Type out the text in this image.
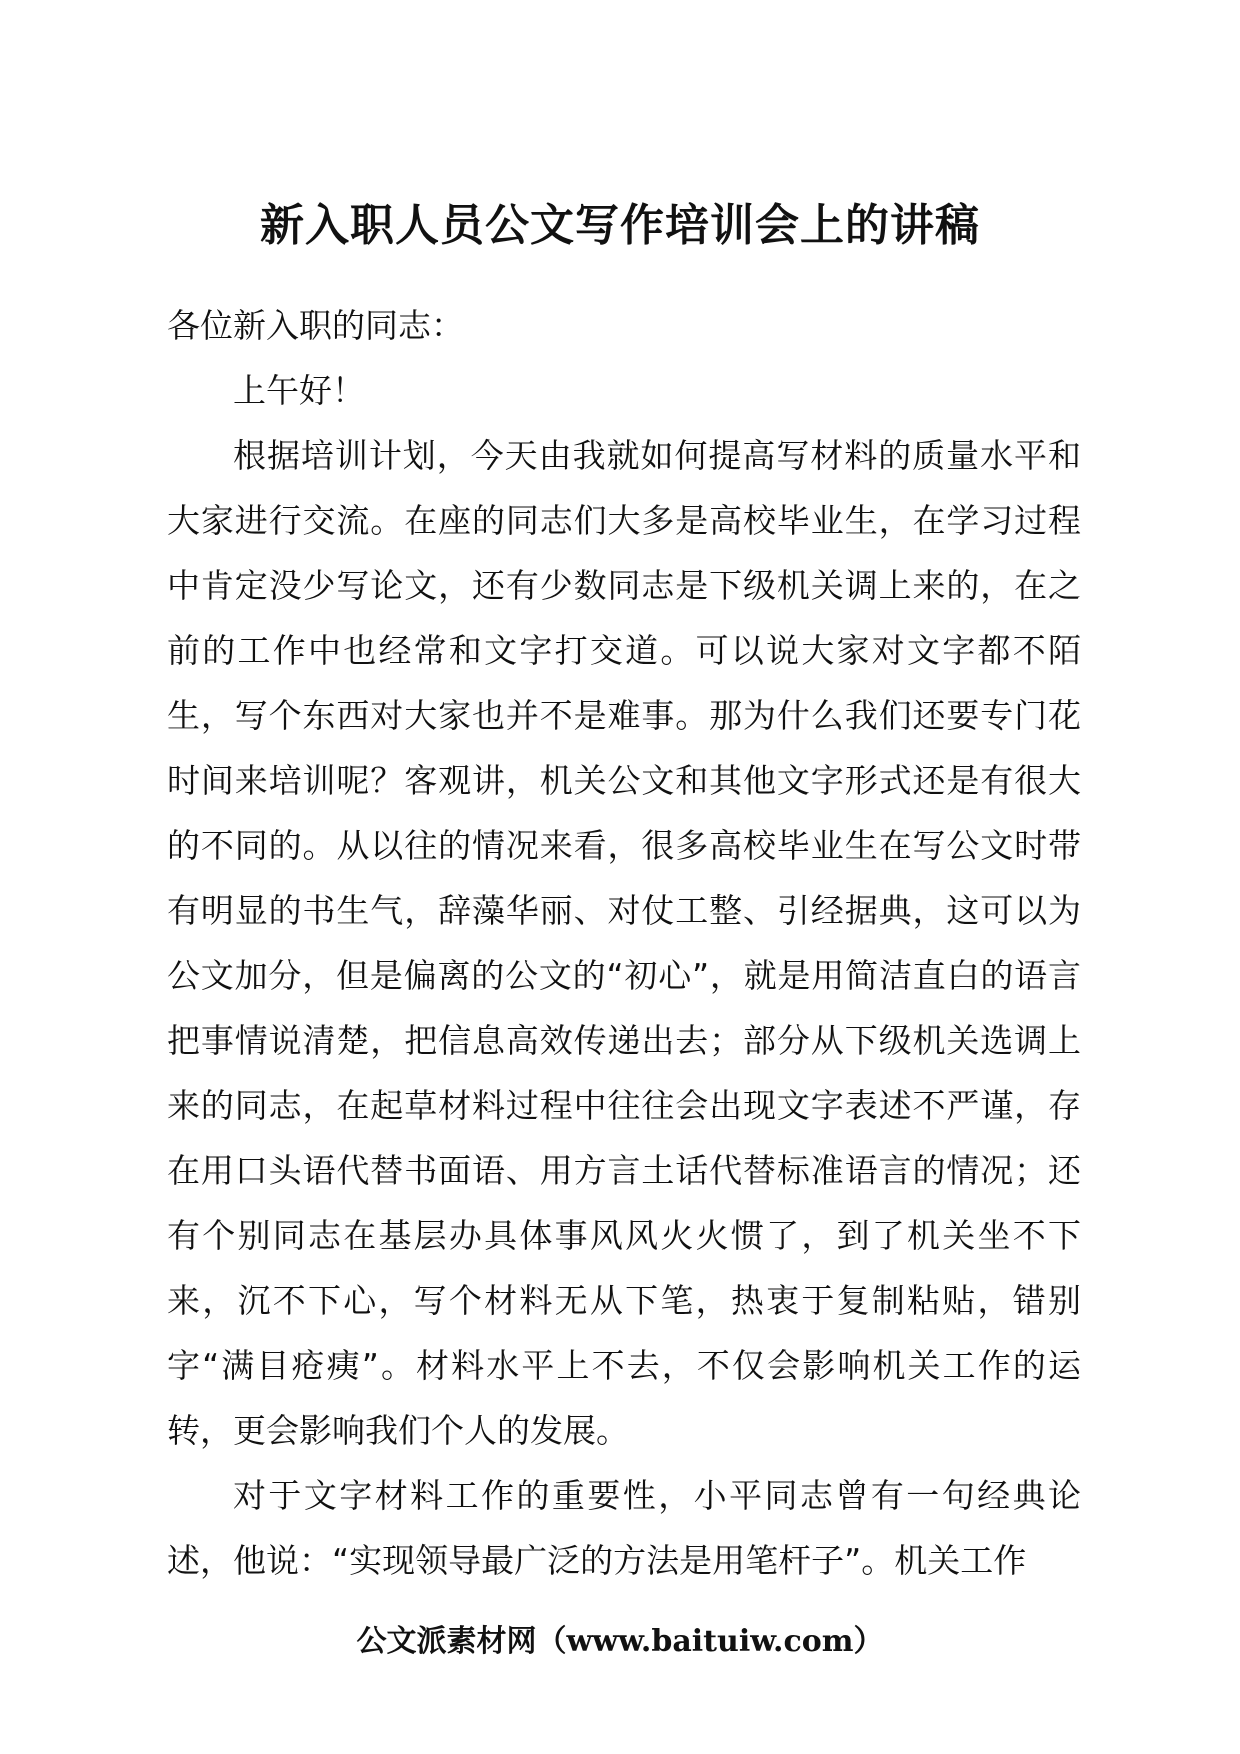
新入职人员公文写作培训会上的讲稿

各位新入职的同志：

上午好！

根据培训计划，今天由我就如何提高写材料的质量水平和大家进行交流。在座的同志们大多是高校毕业生，在学习过程中肯定没少写论文，还有少数同志是下级机关调上来的，在之前的工作中也经常和文字打交道。可以说大家对文字都不陌生，写个东西对大家也并不是难事。那为什么我们还要专门花时间来培训呢？客观讲，机关公文和其他文字形式还是有很大的不同的。从以往的情况来看，很多高校毕业生在写公文时带有明显的书生气，辞藻华丽、对仗工整、引经据典，这可以为公文加分，但是偏离的公文的“初心”，就是用简洁直白的语言把事情说清楚，把信息高效传递出去；部分从下级机关选调上来的同志，在起草材料过程中往往会出现文字表述不严谨，存在用口头语代替书面语、用方言土话代替标准语言的情况；还有个别同志在基层办具体事风风火火惯了，到了机关坐不下来，沉不下心，写个材料无从下笔，热衷于复制粘贴，错别字“满目疮痍”。材料水平上不去，不仅会影响机关工作的运转，更会影响我们个人的发展。

对于文字材料工作的重要性，小平同志曾有一句经典论述，他说：“实现领导最广泛的方法是用笔杆子”。机关工作

公文派素材网（www.baituiw.com）
